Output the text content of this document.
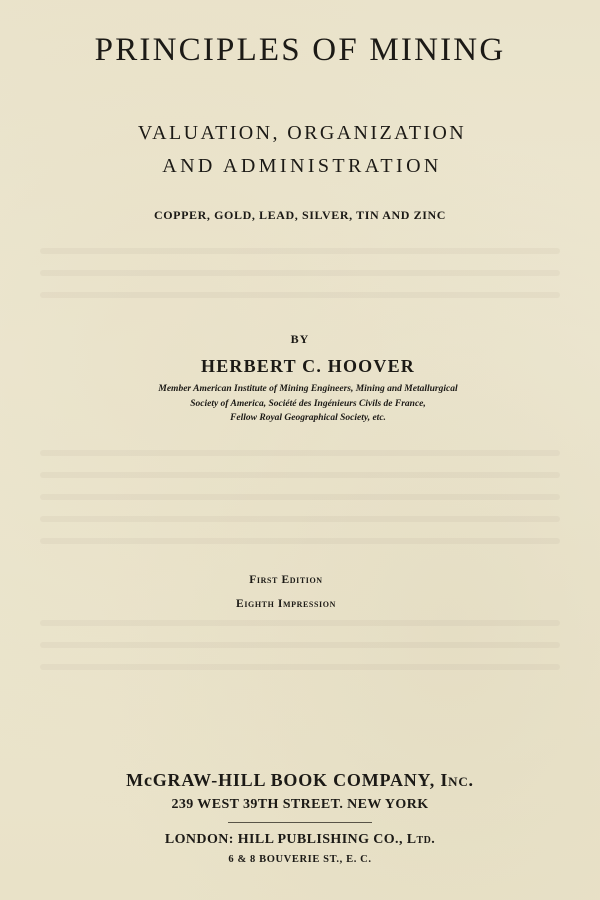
PRINCIPLES OF MINING
VALUATION, ORGANIZATION
AND ADMINISTRATION
COPPER, GOLD, LEAD, SILVER, TIN AND ZINC
BY
HERBERT C. HOOVER
Member American Institute of Mining Engineers, Mining and Metallurgical
Society of America, Société des Ingénieurs Civils de France,
Fellow Royal Geographical Society, etc.
First Edition
Eighth Impression
McGRAW-HILL BOOK COMPANY, Inc.
239 WEST 39TH STREET. NEW YORK
LONDON: HILL PUBLISHING CO., Ltd.
6 & 8 BOUVERIE ST., E. C.
